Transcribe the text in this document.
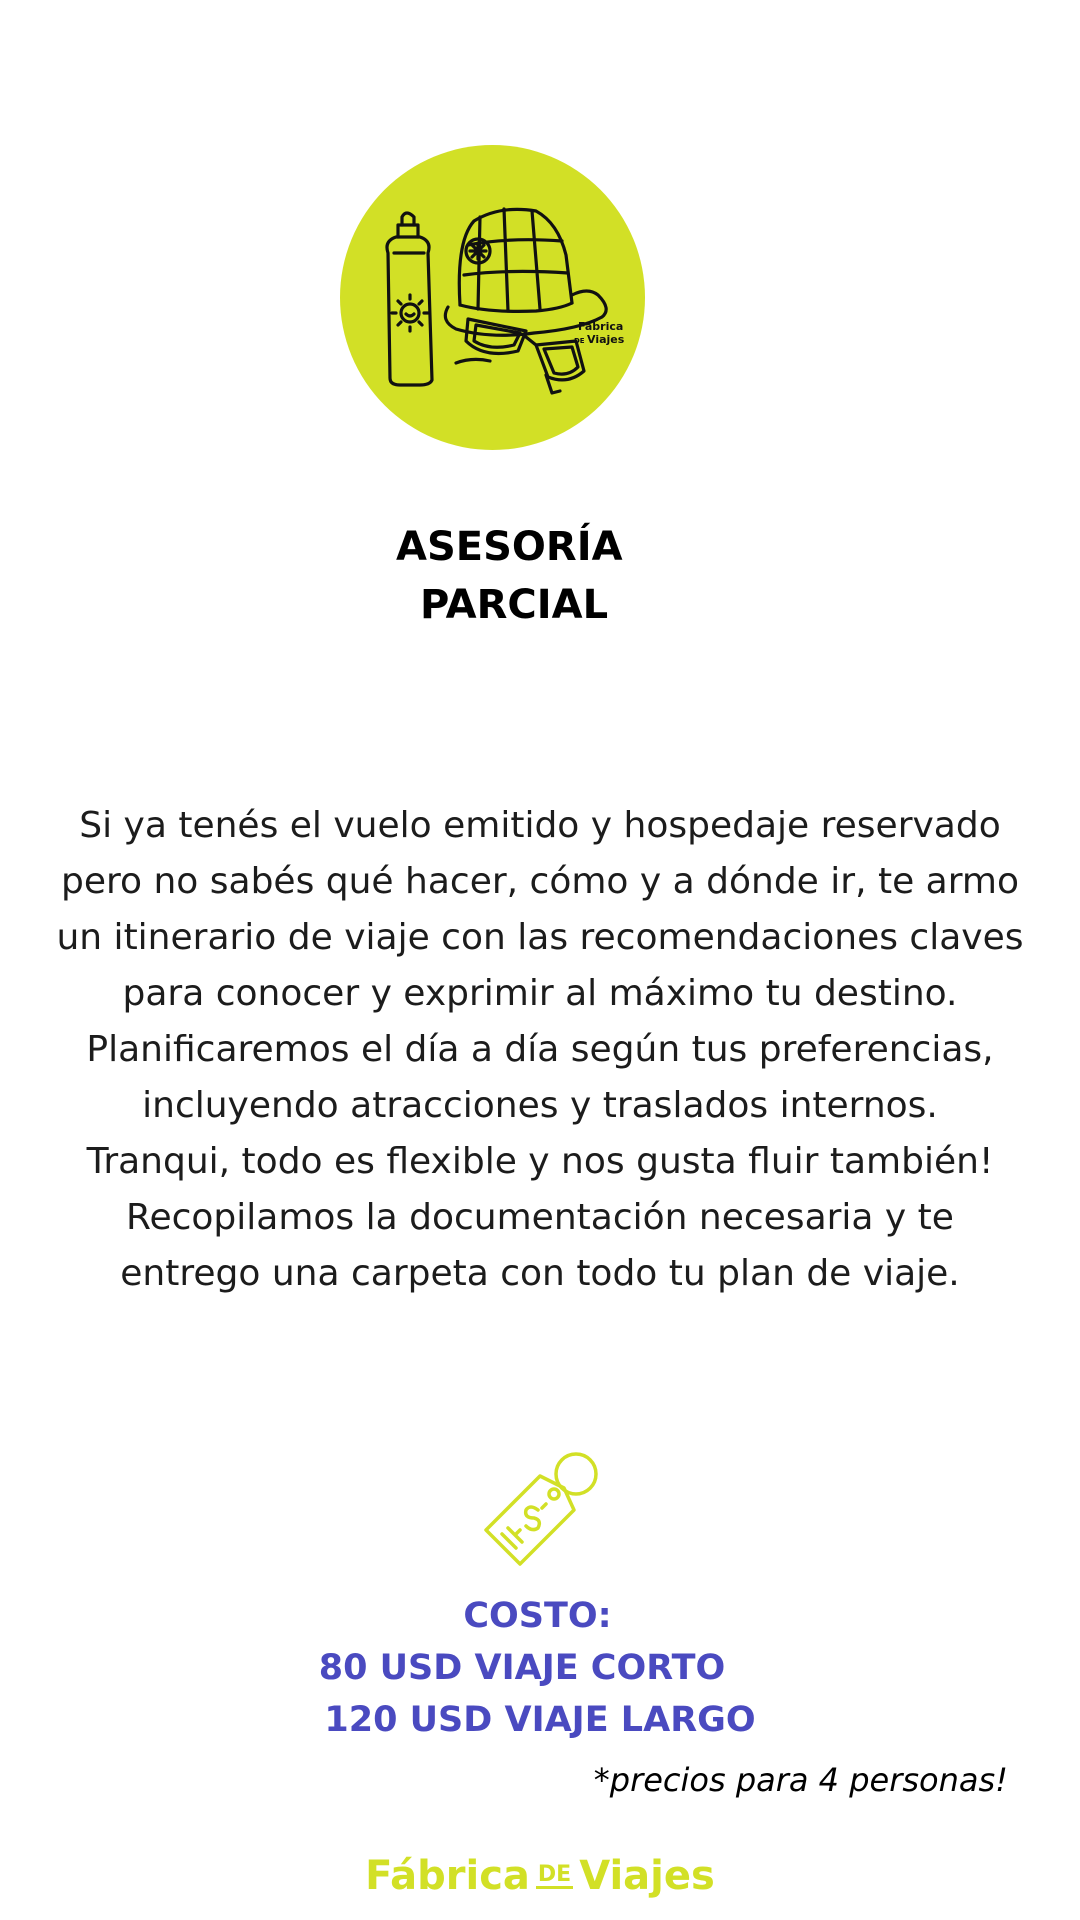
Fábrica
DE Viajes
ASESORÍA
PARCIAL
Si ya tenés el vuelo emitido y hospedaje reservado
pero no sabés qué hacer, cómo y a dónde ir, te armo
un itinerario de viaje con las recomendaciones claves
para conocer y exprimir al máximo tu destino.
Planificaremos el día a día según tus preferencias,
incluyendo atracciones y traslados internos.
Tranqui, todo es flexible y nos gusta fluir también!
Recopilamos la documentación necesaria y te
entrego una carpeta con todo tu plan de viaje.
COSTO:
80 USD VIAJE CORTO
120 USD VIAJE LARGO
*precios para 4 personas!
Fábrica DE Viajes
